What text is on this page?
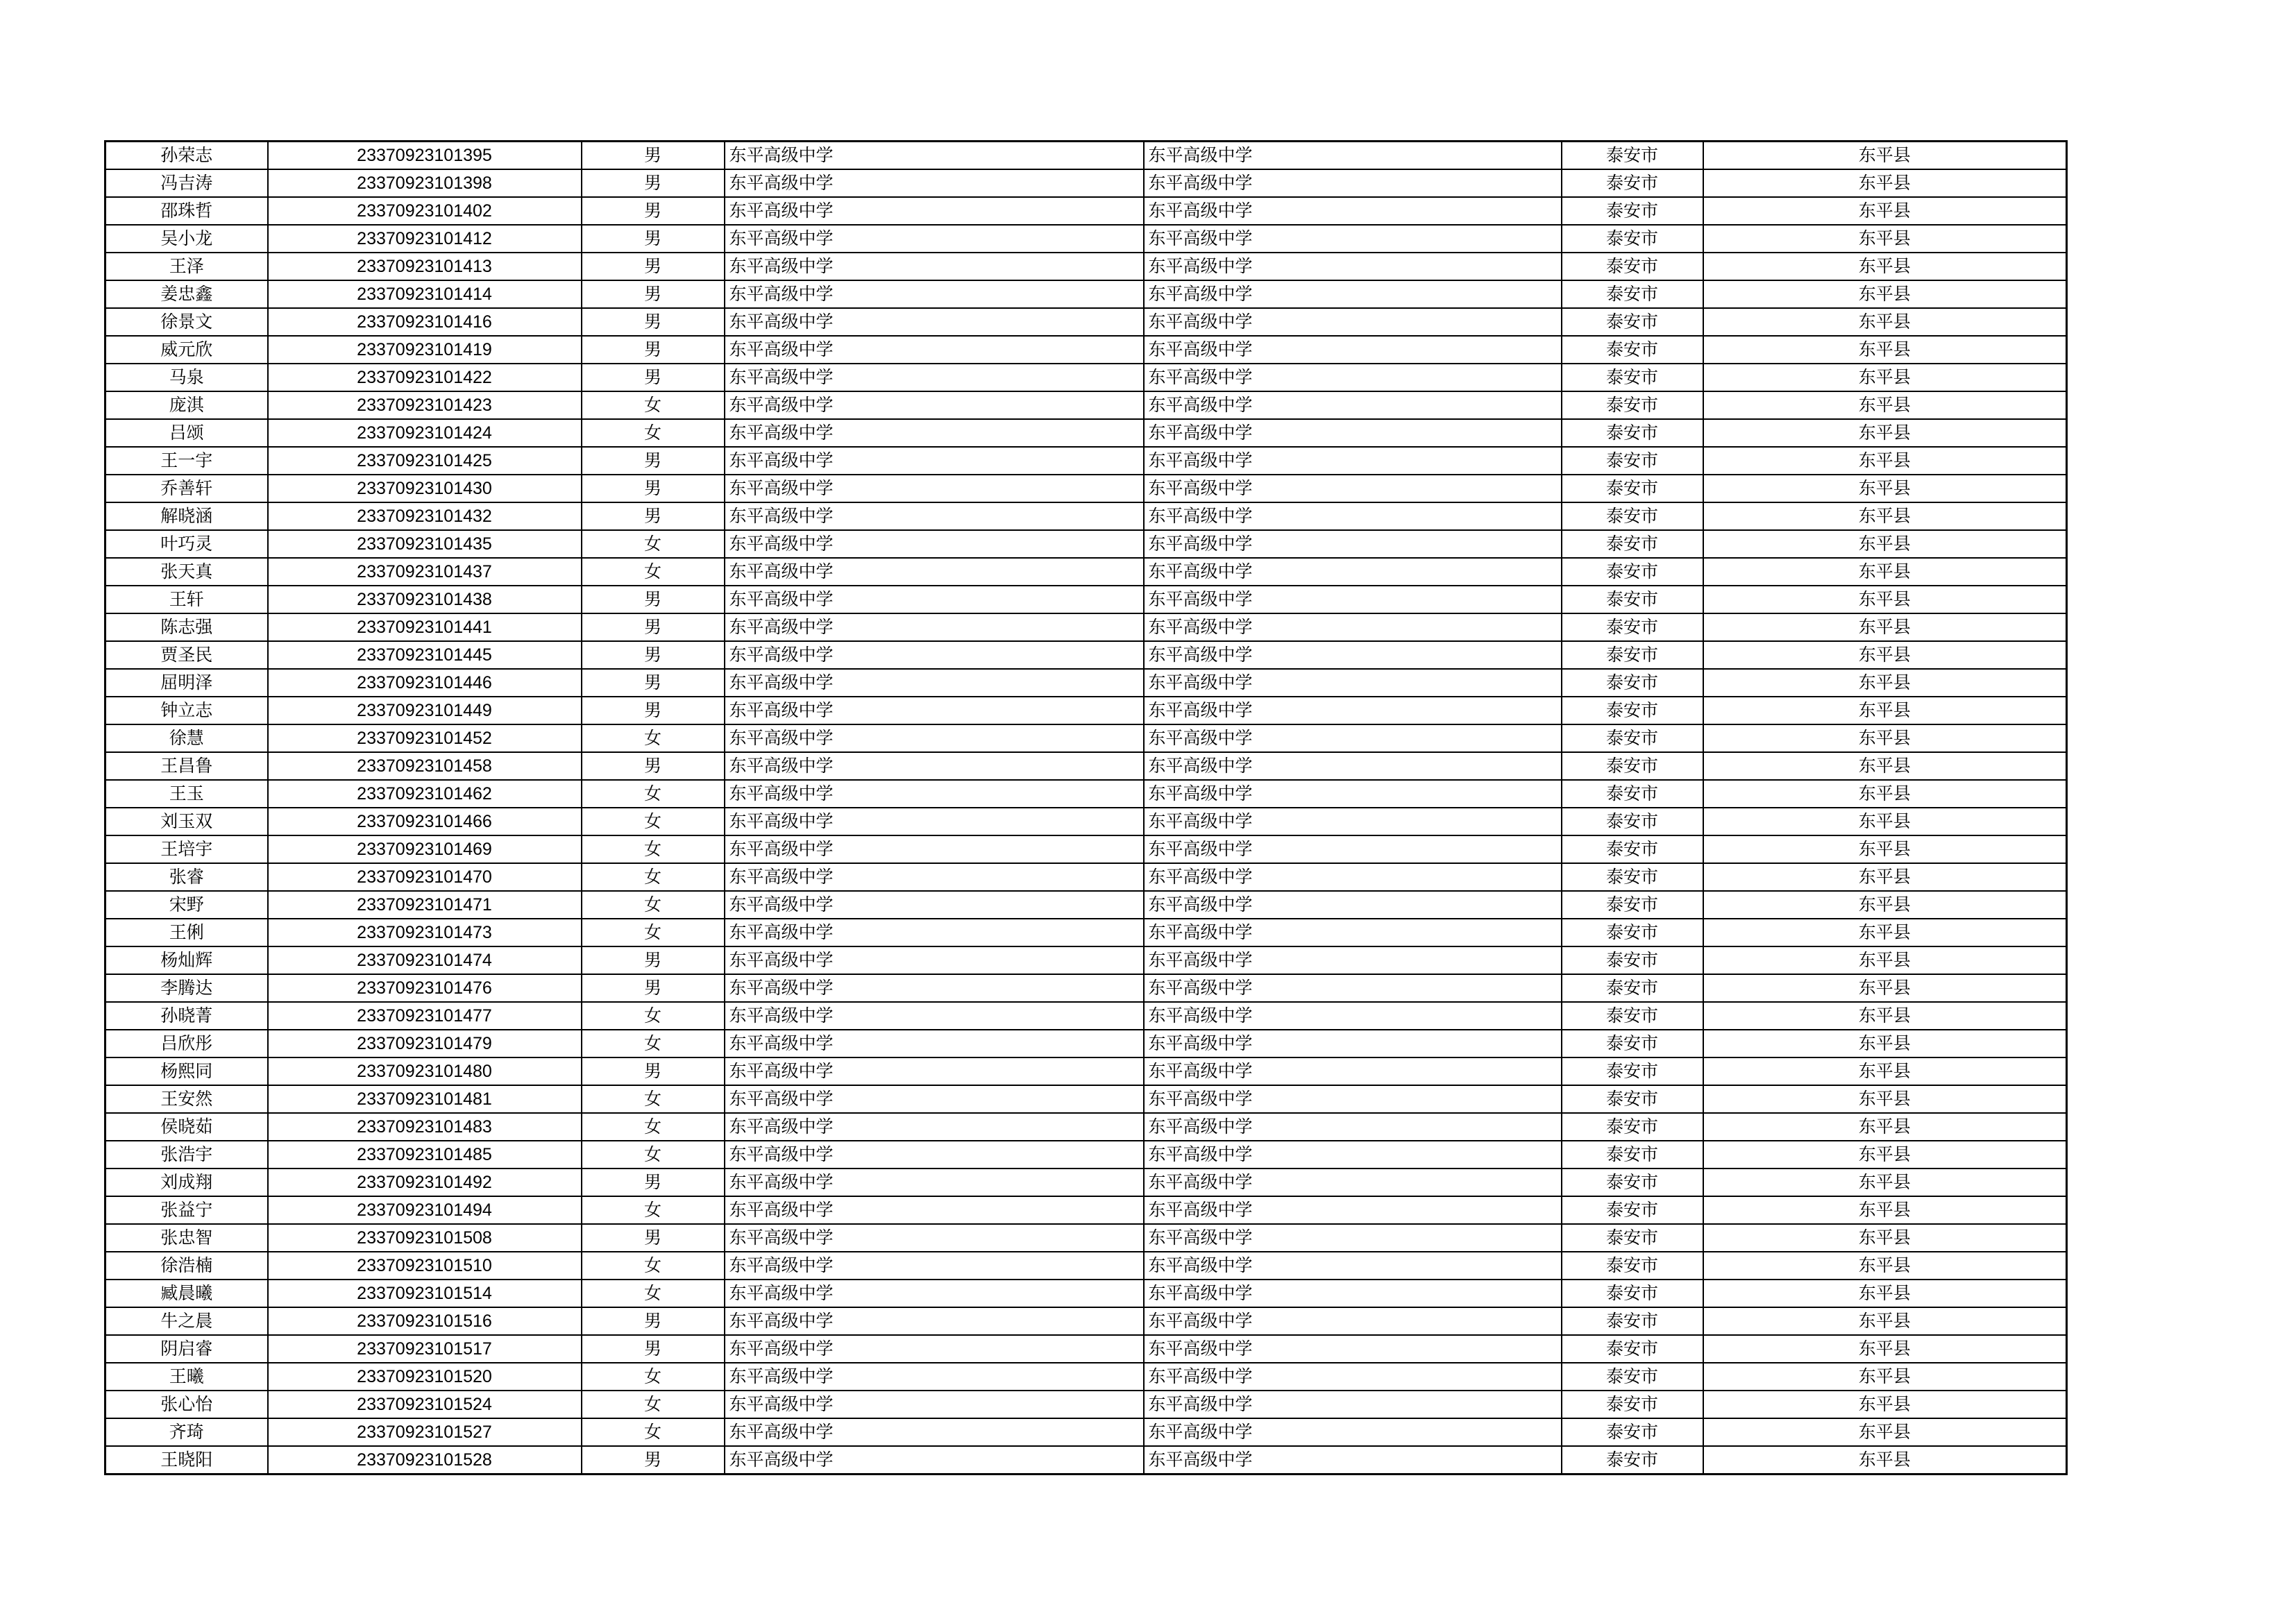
孙荣志	23370923101395	男	东平高级中学	东平高级中学	泰安市	东平县
冯吉涛	23370923101398	男	东平高级中学	东平高级中学	泰安市	东平县
邵珠哲	23370923101402	男	东平高级中学	东平高级中学	泰安市	东平县
吴小龙	23370923101412	男	东平高级中学	东平高级中学	泰安市	东平县
王泽	23370923101413	男	东平高级中学	东平高级中学	泰安市	东平县
姜忠鑫	23370923101414	男	东平高级中学	东平高级中学	泰安市	东平县
徐景文	23370923101416	男	东平高级中学	东平高级中学	泰安市	东平县
威元欣	23370923101419	男	东平高级中学	东平高级中学	泰安市	东平县
马泉	23370923101422	男	东平高级中学	东平高级中学	泰安市	东平县
庞淇	23370923101423	女	东平高级中学	东平高级中学	泰安市	东平县
吕颂	23370923101424	女	东平高级中学	东平高级中学	泰安市	东平县
王一宇	23370923101425	男	东平高级中学	东平高级中学	泰安市	东平县
乔善轩	23370923101430	男	东平高级中学	东平高级中学	泰安市	东平县
解晓涵	23370923101432	男	东平高级中学	东平高级中学	泰安市	东平县
叶巧灵	23370923101435	女	东平高级中学	东平高级中学	泰安市	东平县
张天真	23370923101437	女	东平高级中学	东平高级中学	泰安市	东平县
王轩	23370923101438	男	东平高级中学	东平高级中学	泰安市	东平县
陈志强	23370923101441	男	东平高级中学	东平高级中学	泰安市	东平县
贾圣民	23370923101445	男	东平高级中学	东平高级中学	泰安市	东平县
屈明泽	23370923101446	男	东平高级中学	东平高级中学	泰安市	东平县
钟立志	23370923101449	男	东平高级中学	东平高级中学	泰安市	东平县
徐慧	23370923101452	女	东平高级中学	东平高级中学	泰安市	东平县
王昌鲁	23370923101458	男	东平高级中学	东平高级中学	泰安市	东平县
王玉	23370923101462	女	东平高级中学	东平高级中学	泰安市	东平县
刘玉双	23370923101466	女	东平高级中学	东平高级中学	泰安市	东平县
王培宇	23370923101469	女	东平高级中学	东平高级中学	泰安市	东平县
张睿	23370923101470	女	东平高级中学	东平高级中学	泰安市	东平县
宋野	23370923101471	女	东平高级中学	东平高级中学	泰安市	东平县
王俐	23370923101473	女	东平高级中学	东平高级中学	泰安市	东平县
杨灿辉	23370923101474	男	东平高级中学	东平高级中学	泰安市	东平县
李腾达	23370923101476	男	东平高级中学	东平高级中学	泰安市	东平县
孙晓菁	23370923101477	女	东平高级中学	东平高级中学	泰安市	东平县
吕欣彤	23370923101479	女	东平高级中学	东平高级中学	泰安市	东平县
杨熙同	23370923101480	男	东平高级中学	东平高级中学	泰安市	东平县
王安然	23370923101481	女	东平高级中学	东平高级中学	泰安市	东平县
侯晓茹	23370923101483	女	东平高级中学	东平高级中学	泰安市	东平县
张浩宇	23370923101485	女	东平高级中学	东平高级中学	泰安市	东平县
刘成翔	23370923101492	男	东平高级中学	东平高级中学	泰安市	东平县
张益宁	23370923101494	女	东平高级中学	东平高级中学	泰安市	东平县
张忠智	23370923101508	男	东平高级中学	东平高级中学	泰安市	东平县
徐浩楠	23370923101510	女	东平高级中学	东平高级中学	泰安市	东平县
臧晨曦	23370923101514	女	东平高级中学	东平高级中学	泰安市	东平县
牛之晨	23370923101516	男	东平高级中学	东平高级中学	泰安市	东平县
阴启睿	23370923101517	男	东平高级中学	东平高级中学	泰安市	东平县
王曦	23370923101520	女	东平高级中学	东平高级中学	泰安市	东平县
张心怡	23370923101524	女	东平高级中学	东平高级中学	泰安市	东平县
齐琦	23370923101527	女	东平高级中学	东平高级中学	泰安市	东平县
王晓阳	23370923101528	男	东平高级中学	东平高级中学	泰安市	东平县
